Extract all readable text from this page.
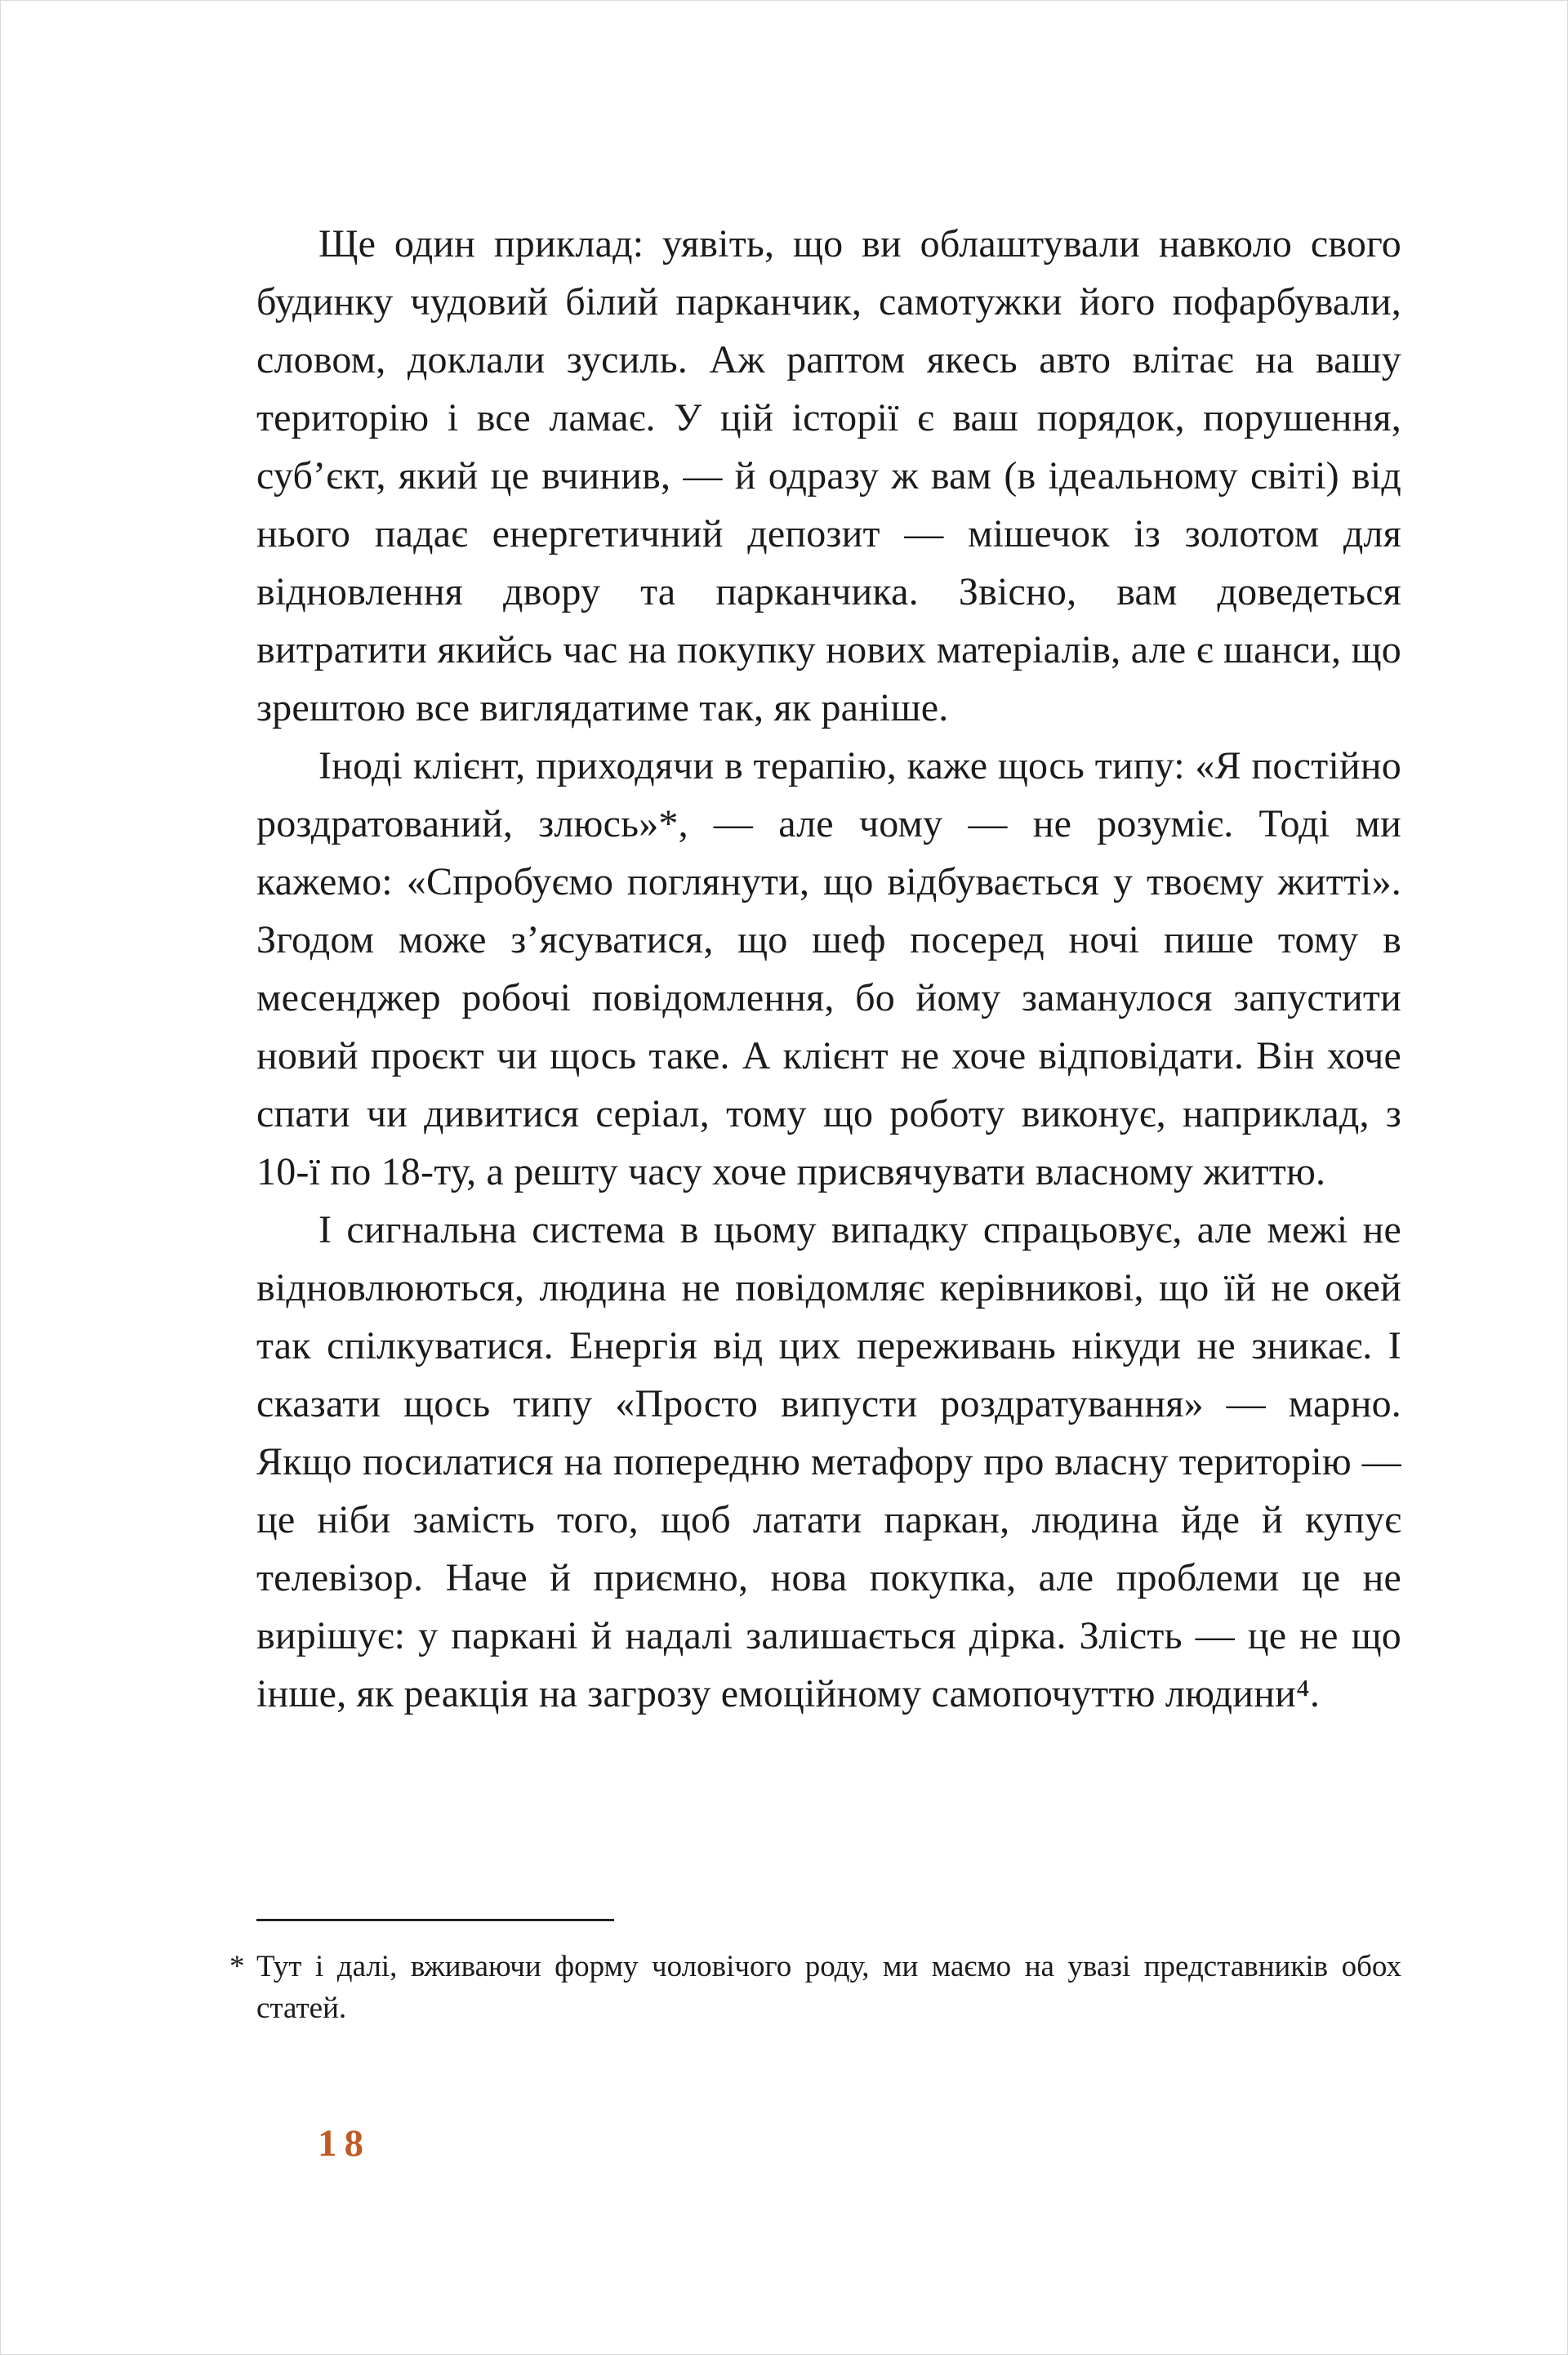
Ще один приклад: уявіть, що ви облаштували навколо свого будинку чудовий білий парканчик, самотужки його пофарбували, словом, доклали зусиль. Аж раптом якесь авто влітає на вашу територію і все ламає. У цій історії є ваш порядок, порушення, суб’єкт, який це вчинив, — й одразу ж вам (в ідеальному світі) від нього падає енергетичний депозит — мішечок із золотом для відновлення двору та парканчика. Звісно, вам доведеться витратити якийсь час на покупку нових матеріалів, але є шанси, що зрештою все виглядатиме так, як раніше.

Іноді клієнт, приходячи в терапію, каже щось типу: «Я постійно роздратований, злюсь»*, — але чому — не розуміє. Тоді ми кажемо: «Спробуємо поглянути, що відбувається у твоєму житті». Згодом може з’ясуватися, що шеф посеред ночі пише тому в месенджер робочі повідомлення, бо йому заманулося запустити новий проєкт чи щось таке. А клієнт не хоче відповідати. Він хоче спати чи дивитися серіал, тому що роботу виконує, наприклад, з 10-ї по 18-ту, а решту часу хоче присвячувати власному життю.

І сигнальна система в цьому випадку спрацьовує, але межі не відновлюються, людина не повідомляє керівникові, що їй не окей так спілкуватися. Енергія від цих переживань нікуди не зникає. І сказати щось типу «Просто випусти роздратування» — марно. Якщо посилатися на попередню метафору про власну територію — це ніби замість того, щоб латати паркан, людина йде й купує телевізор. Наче й приємно, нова покупка, але проблеми це не вирішує: у паркані й надалі залишається дірка. Злість — це не що інше, як реакція на загрозу емоційному самопочуттю людини⁴.

* Тут і далі, вживаючи форму чоловічого роду, ми маємо на увазі представників обох статей.

18
